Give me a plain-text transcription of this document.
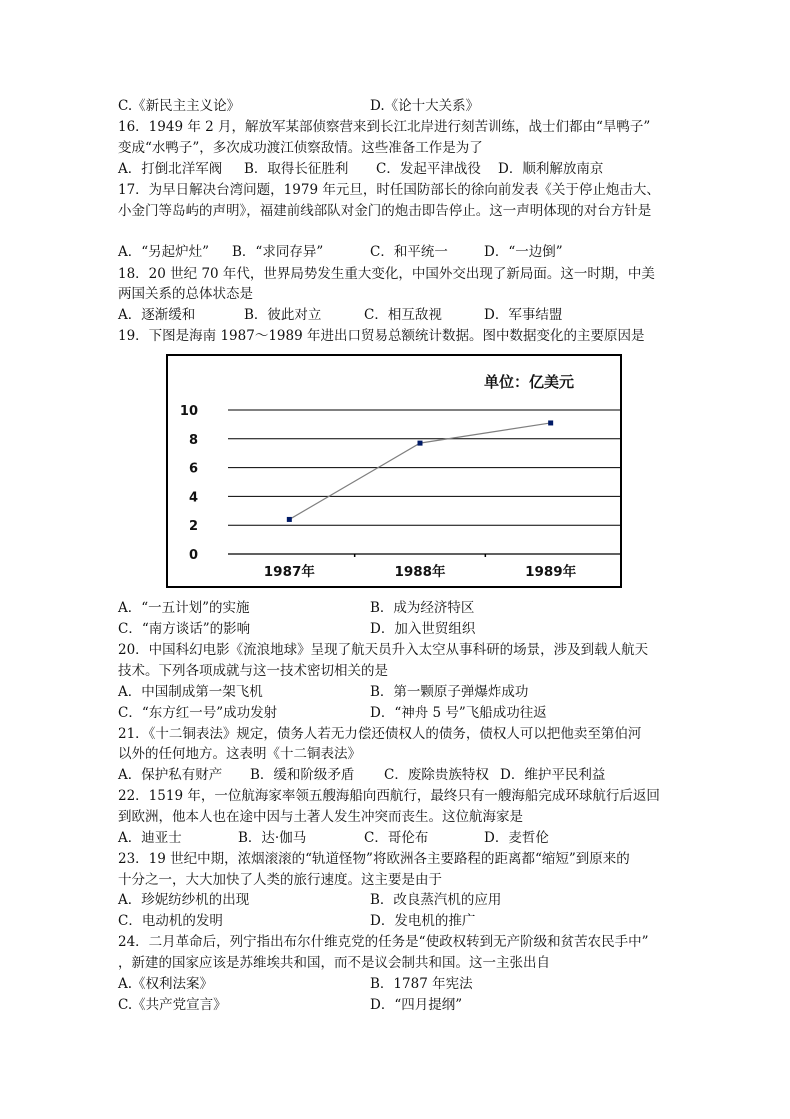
C.《新民主主义论》	D.《论十大关系》
16．1949 年 2 月，解放军某部侦察营来到长江北岸进行刻苦训练，战士们都由“旱鸭子”
变成“水鸭子”，多次成功渡江侦察敌情。这些准备工作是为了
A．打倒北洋军阀 B．取得长征胜利 C．发起平津战役 D．顺利解放南京
17．为早日解决台湾问题，1979 年元旦，时任国防部长的徐向前发表《关于停止炮击大、
小金门等岛屿的声明》，福建前线部队对金门的炮击即告停止。这一声明体现的对台方针是
A．“另起炉灶” B．“求同存异”	C．和平统一	D．“一边倒”
18．20 世纪 70 年代，世界局势发生重大变化，中国外交出现了新局面。这一时期，中美
两国关系的总体状态是
A．逐渐缓和	B．彼此对立	C．相互敌视	D．军事结盟
19．下图是海南 1987～1989 年进出口贸易总额统计数据。图中数据变化的主要原因是
单位：亿美元
0
2
4
6
8
10
1987年	1988年	1989年
A．“一五计划”的实施	B．成为经济特区
C．“南方谈话”的影响	D．加入世贸组织
20．中国科幻电影《流浪地球》呈现了航天员升入太空从事科研的场景，涉及到载人航天
技术。下列各项成就与这一技术密切相关的是
A．中国制成第一架飞机	B．第一颗原子弹爆炸成功
C．“东方红一号”成功发射	D．“神舟 5 号”飞船成功往返
21．《十二铜表法》规定，债务人若无力偿还债权人的债务，债权人可以把他卖至第伯河
以外的任何地方。这表明《十二铜表法》
A．保护私有财产 B．缓和阶级矛盾 C．废除贵族特权 D．维护平民利益
22．1519 年，一位航海家率领五艘海船向西航行，最终只有一艘海船完成环球航行后返回
到欧洲，他本人也在途中因与土著人发生冲突而丧生。这位航海家是
A．迪亚士	B．达·伽马	C．哥伦布	D．麦哲伦
23．19 世纪中期，浓烟滚滚的“轨道怪物”将欧洲各主要路程的距离都“缩短”到原来的
十分之一，大大加快了人类的旅行速度。这主要是由于
A．珍妮纺纱机的出现	B．改良蒸汽机的应用
C．电动机的发明	D．发电机的推广
24．二月革命后，列宁指出布尔什维克党的任务是“使政权转到无产阶级和贫苦农民手中”
，新建的国家应该是苏维埃共和国，而不是议会制共和国。这一主张出自
A.《权利法案》	B．1787 年宪法
C.《共产党宣言》	D．“四月提纲”
